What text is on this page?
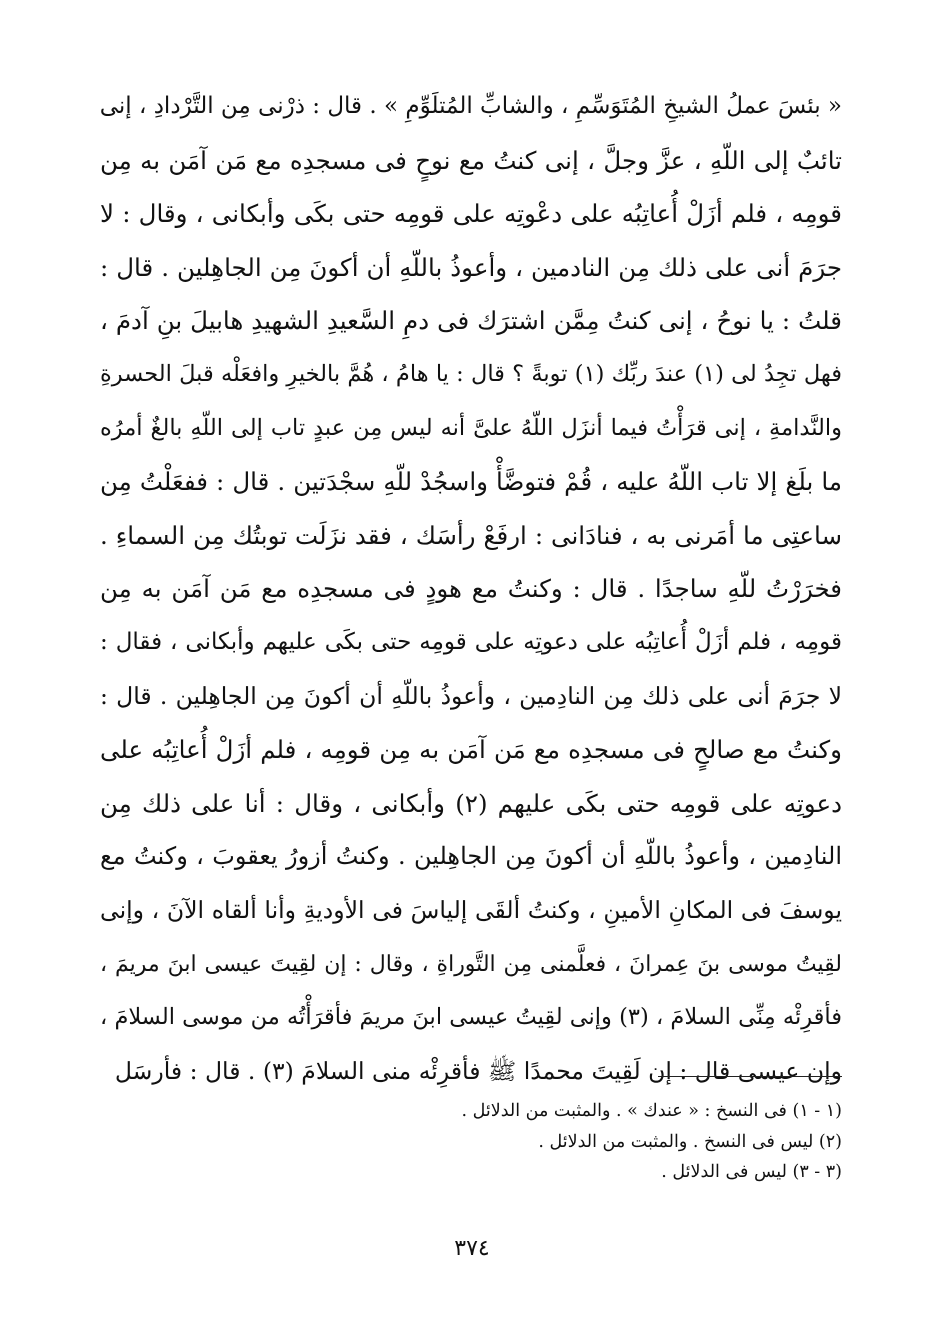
« بئسَ عملُ الشيخِ المُتَوَسِّمِ ، والشابِّ المُتلَوِّمِ » . قال : ذرْنى مِن التَّرْدادِ ، إنى
تائبٌ إلى اللّهِ ، عزَّ وجلَّ ، إنى كنتُ مع نوحٍ فى مسجدِه مع مَن آمَن به مِن
قومِه ، فلم أزَلْ أُعاتِبُه على دعْوتِه على قومِه حتى بكَى وأبكانى ، وقال : لا
جرَمَ أنى على ذلك مِن النادمين ، وأعوذُ باللّهِ أن أكونَ مِن الجاهِلين . قال :
قلتُ : يا نوحُ ، إنى كنتُ مِمَّن اشترَك فى دمِ السَّعيدِ الشهيدِ هابيلَ بنِ آدمَ ،
فهل تجِدُ لى (١) عندَ ربِّك (١) توبةً ؟ قال : يا هامُ ، هُمَّ بالخيرِ وافعَلْه قبلَ الحسرةِ
والنَّدامةِ ، إنى قرَأْتُ فيما أنزَل اللّهُ علىَّ أنه ليس مِن عبدٍ تاب إلى اللّهِ بالغٌ أمرُه
ما بلَغ إلا تاب اللّهُ عليه ، قُمْ فتوضَّأْ واسجُدْ للّهِ سجْدَتين . قال : ففعَلْتُ مِن
ساعتِى ما أمَرنى به ، فنادَانى : ارفَعْ رأسَك ، فقد نزَلَت توبتُك مِن السماءِ .
فخرَرْتُ للّهِ ساجدًا . قال : وكنتُ مع هودٍ فى مسجدِه مع مَن آمَن به مِن
قومِه ، فلم أزَلْ أُعاتِبُه على دعوتِه على قومِه حتى بكَى عليهم وأبكانى ، فقال :
لا جرَمَ أنى على ذلك مِن النادِمين ، وأعوذُ باللّهِ أن أكونَ مِن الجاهِلين . قال :
وكنتُ مع صالحٍ فى مسجدِه مع مَن آمَن به مِن قومِه ، فلم أزَلْ أُعاتِبُه على
دعوتِه على قومِه حتى بكَى عليهم (٢) وأبكانى ، وقال : أنا على ذلك مِن
النادِمين ، وأعوذُ باللّهِ أن أكونَ مِن الجاهِلين . وكنتُ أزورُ يعقوبَ ، وكنتُ مع
يوسفَ فى المكانِ الأمينِ ، وكنتُ ألقَى إلياسَ فى الأوديةِ وأنا ألقاه الآنَ ، وإنى
لقِيتُ موسى بنَ عِمرانَ ، فعلَّمنى مِن التَّوراةِ ، وقال : إن لقِيتَ عيسى ابنَ مريمَ ،
فأقرِئْه مِنِّى السلامَ ، (٣) وإنى لقِيتُ عيسى ابنَ مريمَ فأقرَأْتُه من موسى السلامَ ،
وإن عيسى قال : إن لَقِيتَ محمدًا ﷺ فأقرِئْه منى السلامَ (٣) . قال : فأرسَل
(١ - ١) فى النسخ : « عندك » . والمثبت من الدلائل .
(٢) ليس فى النسخ . والمثبت من الدلائل .
(٣ - ٣) ليس فى الدلائل .
٣٧٤
